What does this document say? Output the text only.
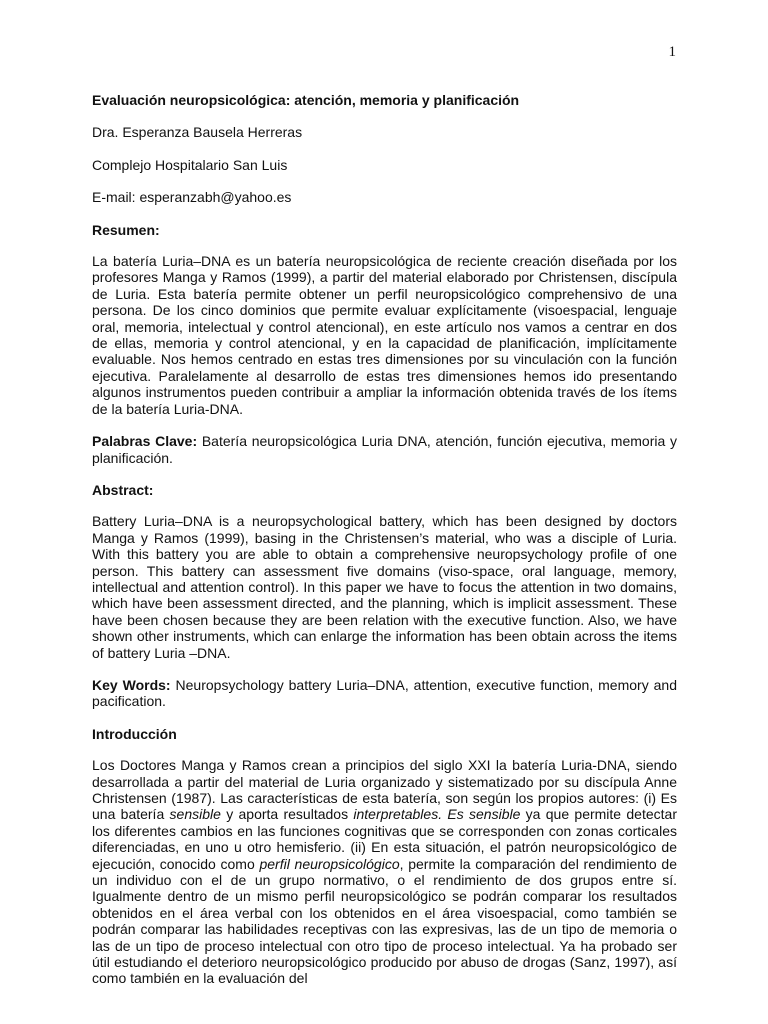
1

Evaluación neuropsicológica: atención, memoria y planificación

Dra. Esperanza Bausela Herreras

Complejo Hospitalario San Luis

E-mail: esperanzabh@yahoo.es

Resumen:

La batería Luria–DNA es un batería neuropsicológica de reciente creación diseñada por los profesores Manga y Ramos (1999), a partir del material elaborado por Christensen, discípula de Luria. Esta batería permite obtener un perfil neuropsicológico comprehensivo de una persona. De los cinco dominios que permite evaluar explícitamente (visoespacial, lenguaje oral, memoria, intelectual y control atencional), en este artículo nos vamos a centrar en dos de ellas, memoria y control atencional, y en la capacidad de planificación, implícitamente evaluable. Nos hemos centrado en estas tres dimensiones por su vinculación con la función ejecutiva. Paralelamente al desarrollo de estas tres dimensiones hemos ido presentando algunos instrumentos pueden contribuir a ampliar la información obtenida través de los ítems de la batería Luria-DNA.

Palabras Clave: Batería neuropsicológica Luria DNA, atención, función ejecutiva, memoria y planificación.

Abstract:

Battery Luria–DNA is a neuropsychological battery, which has been designed by doctors Manga y Ramos (1999), basing in the Christensen’s material, who was a disciple of Luria. With this battery you are able to obtain a comprehensive neuropsychology profile of one person. This battery can assessment five domains (viso-space, oral language, memory, intellectual and attention control). In this paper we have to focus the attention in two domains, which have been assessment directed, and the planning, which is implicit assessment. These have been chosen because they are been relation with the executive function. Also, we have shown other instruments, which can enlarge the information has been obtain across the items of battery Luria –DNA.

Key Words: Neuropsychology battery Luria–DNA, attention, executive function, memory and pacification.

Introducción

Los Doctores Manga y Ramos crean a principios del siglo XXI la batería Luria-DNA, siendo desarrollada a partir del material de Luria organizado y sistematizado por su discípula Anne Christensen (1987). Las características de esta batería, son según los propios autores: (i) Es una batería sensible y aporta resultados interpretables. Es sensible ya que permite detectar los diferentes cambios en las funciones cognitivas que se corresponden con zonas corticales diferenciadas, en uno u otro hemisferio. (ii) En esta situación, el patrón neuropsicológico de ejecución, conocido como perfil neuropsicológico, permite la comparación del rendimiento de un individuo con el de un grupo normativo, o el rendimiento de dos grupos entre sí. Igualmente dentro de un mismo perfil neuropsicológico se podrán comparar los resultados obtenidos en el área verbal con los obtenidos en el área visoespacial, como también se podrán comparar las habilidades receptivas con las expresivas, las de un tipo de memoria o las de un tipo de proceso intelectual con otro tipo de proceso intelectual. Ya ha probado ser útil estudiando el deterioro neuropsicológico producido por abuso de drogas (Sanz, 1997), así como también en la evaluación del
